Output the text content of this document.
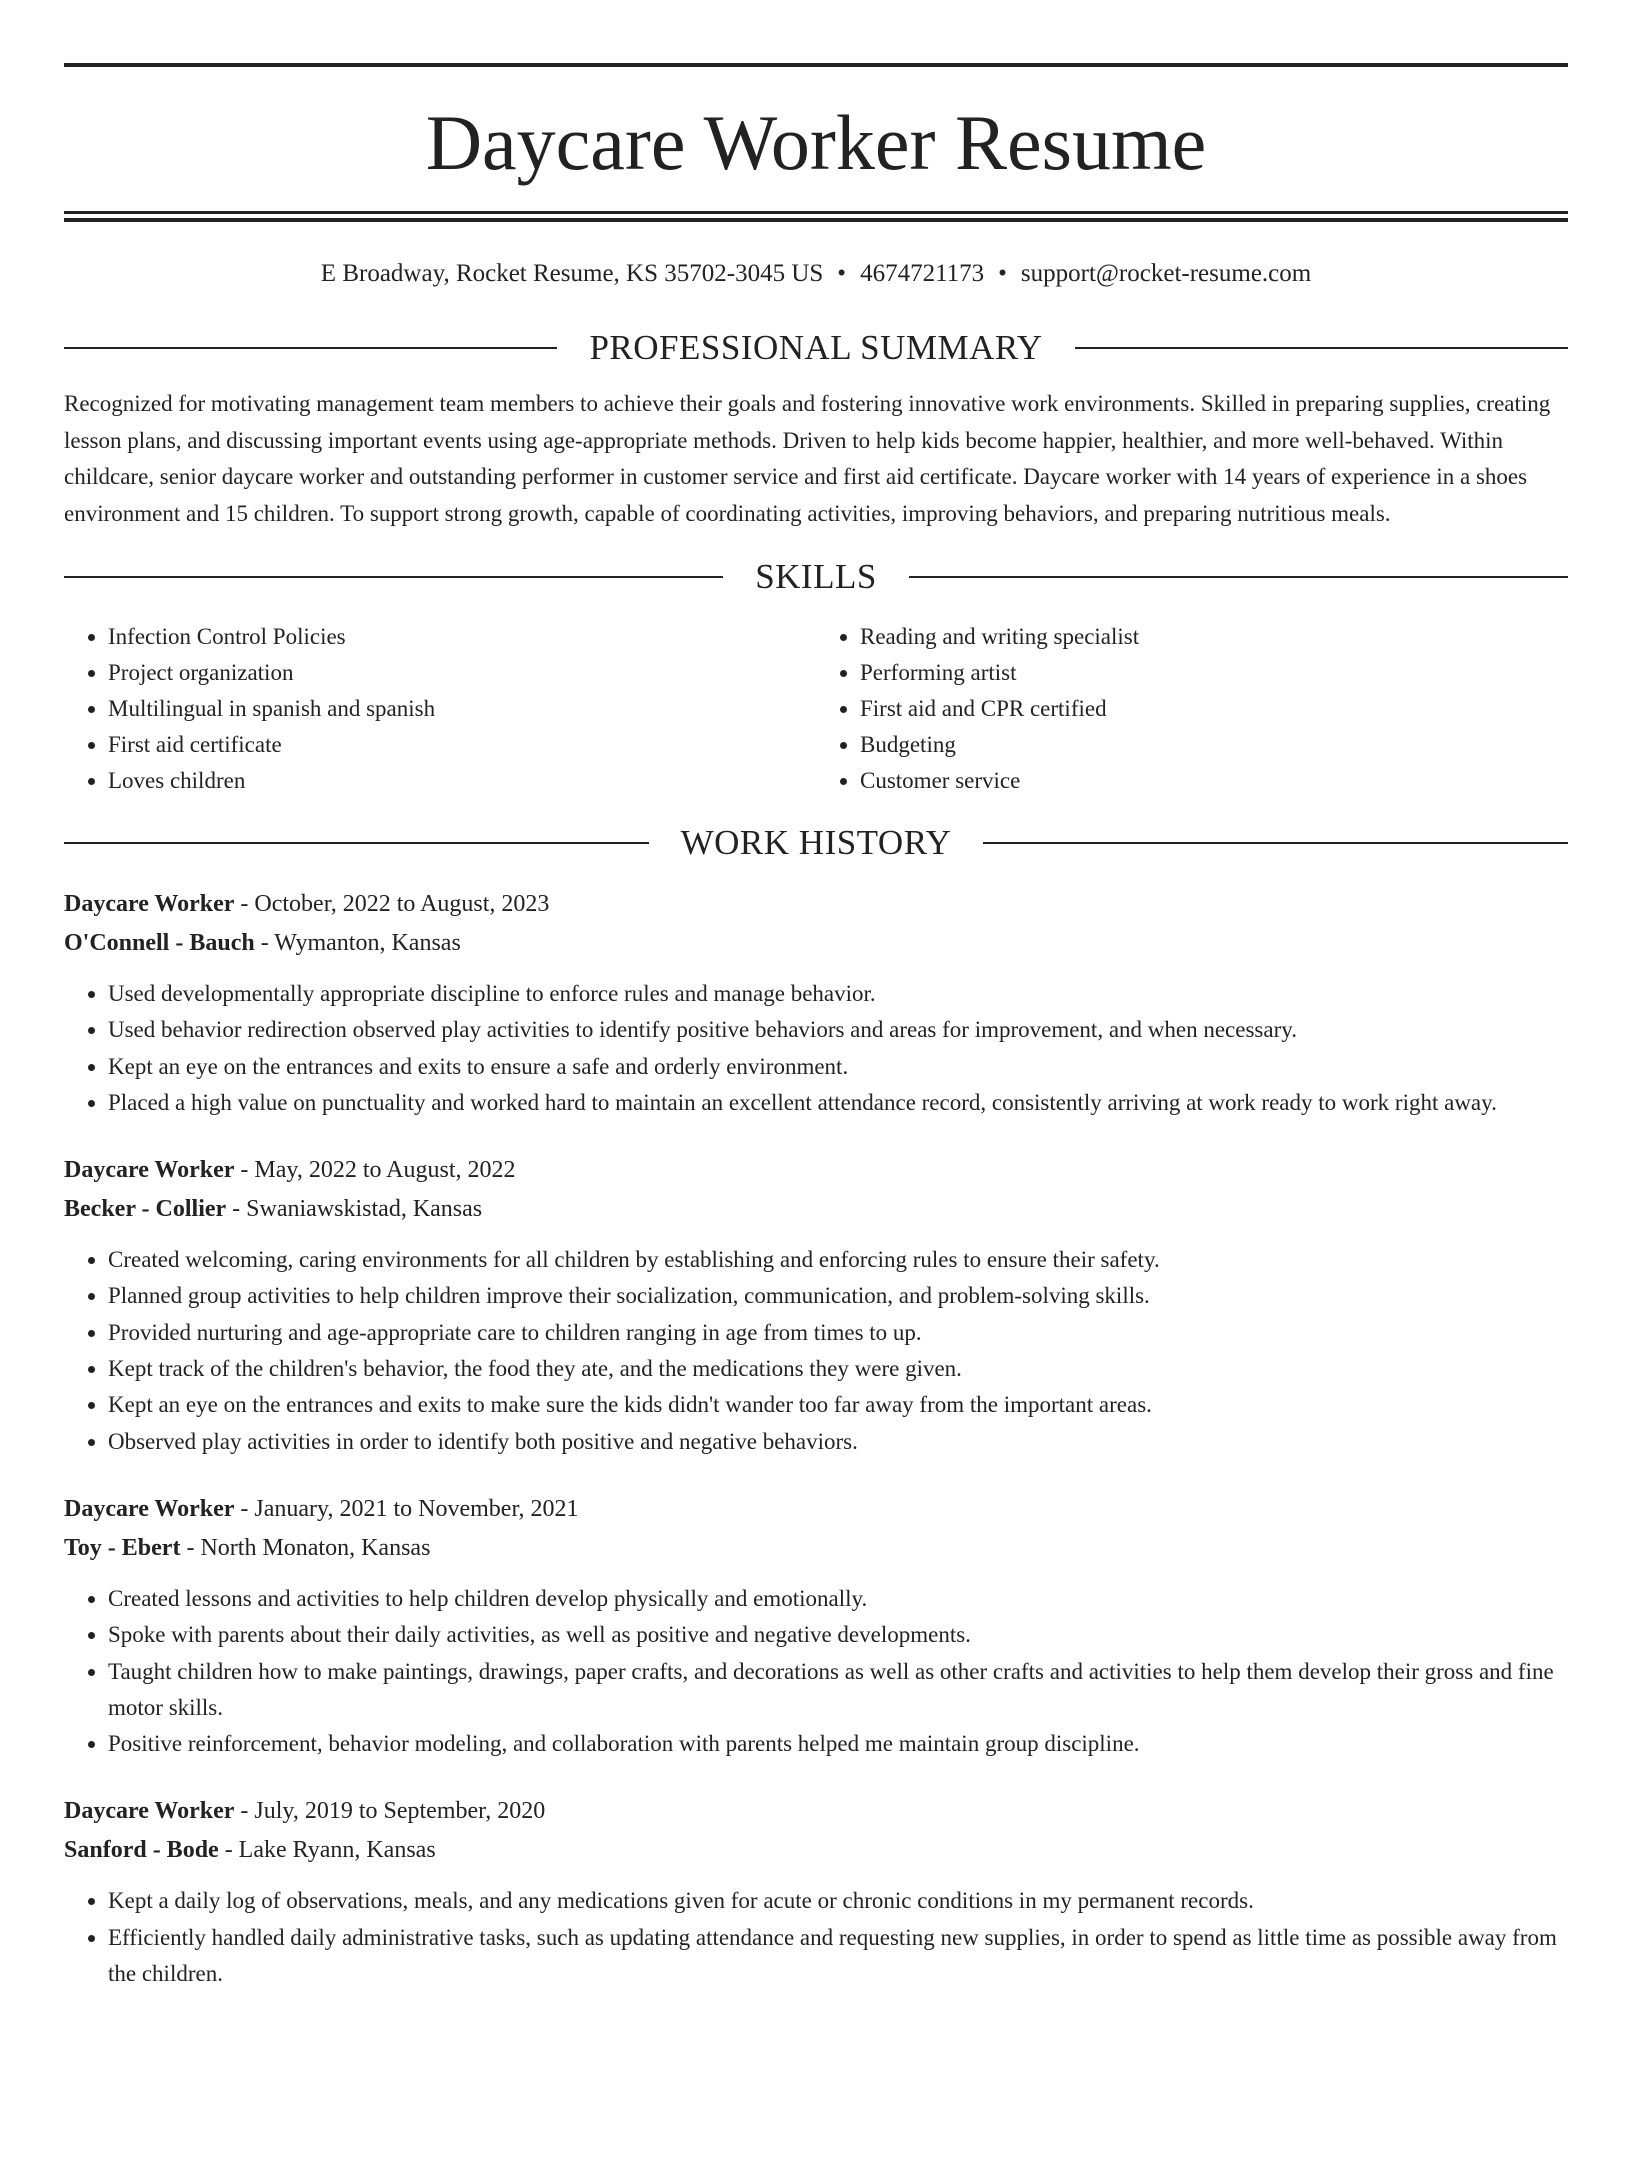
Daycare Worker Resume
E Broadway, Rocket Resume, KS 35702-3045 US • 4674721173 • support@rocket-resume.com
PROFESSIONAL SUMMARY

Recognized for motivating management team members to achieve their goals and fostering innovative work environments. Skilled in preparing supplies, creating lesson plans, and discussing important events using age-appropriate methods. Driven to help kids become happier, healthier, and more well-behaved. Within childcare, senior daycare worker and outstanding performer in customer service and first aid certificate. Daycare worker with 14 years of experience in a shoes environment and 15 children. To support strong growth, capable of coordinating activities, improving behaviors, and preparing nutritious meals.

SKILLS
• Infection Control Policies
• Project organization
• Multilingual in spanish and spanish
• First aid certificate
• Loves children
• Reading and writing specialist
• Performing artist
• First aid and CPR certified
• Budgeting
• Customer service
WORK HISTORY
Daycare Worker - October, 2022 to August, 2023
O'Connell - Bauch - Wymanton, Kansas
• Used developmentally appropriate discipline to enforce rules and manage behavior.
• Used behavior redirection observed play activities to identify positive behaviors and areas for improvement, and when necessary.
• Kept an eye on the entrances and exits to ensure a safe and orderly environment.
• Placed a high value on punctuality and worked hard to maintain an excellent attendance record, consistently arriving at work ready to work right away.
Daycare Worker - May, 2022 to August, 2022
Becker - Collier - Swaniawskistad, Kansas
• Created welcoming, caring environments for all children by establishing and enforcing rules to ensure their safety.
• Planned group activities to help children improve their socialization, communication, and problem-solving skills.
• Provided nurturing and age-appropriate care to children ranging in age from times to up.
• Kept track of the children's behavior, the food they ate, and the medications they were given.
• Kept an eye on the entrances and exits to make sure the kids didn't wander too far away from the important areas.
• Observed play activities in order to identify both positive and negative behaviors.
Daycare Worker - January, 2021 to November, 2021
Toy - Ebert - North Monaton, Kansas
• Created lessons and activities to help children develop physically and emotionally.
• Spoke with parents about their daily activities, as well as positive and negative developments.
• Taught children how to make paintings, drawings, paper crafts, and decorations as well as other crafts and activities to help them develop their gross and fine motor skills.
• Positive reinforcement, behavior modeling, and collaboration with parents helped me maintain group discipline.
Daycare Worker - July, 2019 to September, 2020
Sanford - Bode - Lake Ryann, Kansas
• Kept a daily log of observations, meals, and any medications given for acute or chronic conditions in my permanent records.
• Efficiently handled daily administrative tasks, such as updating attendance and requesting new supplies, in order to spend as little time as possible away from the children.
